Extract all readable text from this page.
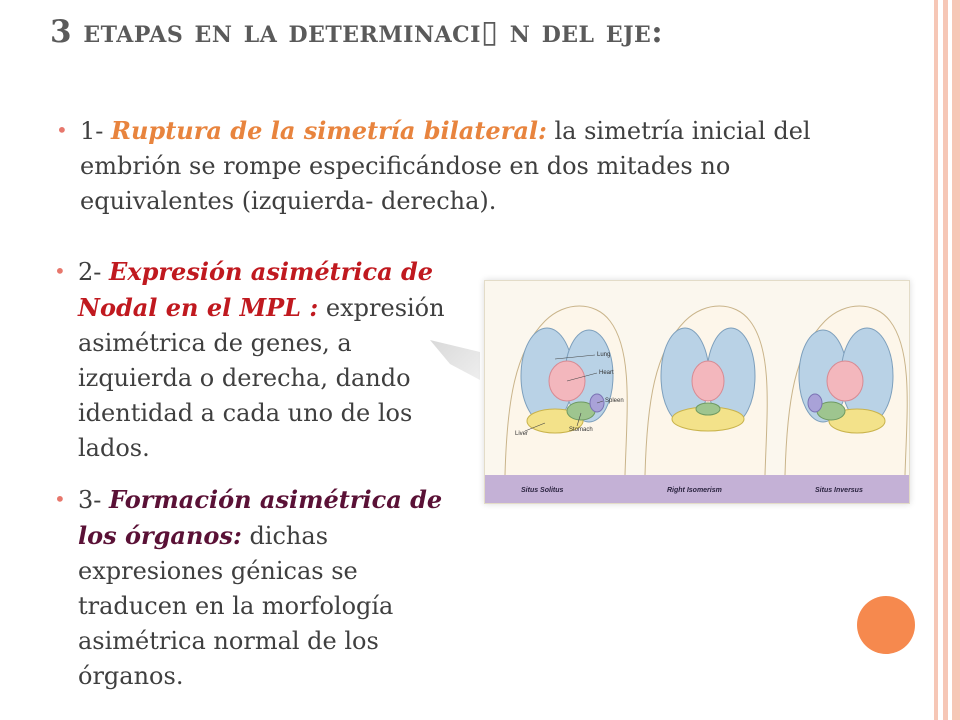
3 etapas en la determinaci▯ n del eje:
• 1- Ruptura de la simetría bilateral: la simetría inicial del embrión se rompe especificándose en dos mitades no equivalentes (izquierda- derecha).
• 2- Expresión asimétrica de Nodal en el MPL : expresión asimétrica de genes, a izquierda o derecha, dando identidad a cada uno de los lados.
• 3- Formación asimétrica de los órganos: dichas expresiones génicas se traducen en la morfología asimétrica normal de los órganos.
Lung
Heart
Spleen
Liver
Stomach
Situs Solitus	Right Isomerism	Situs Inversus
